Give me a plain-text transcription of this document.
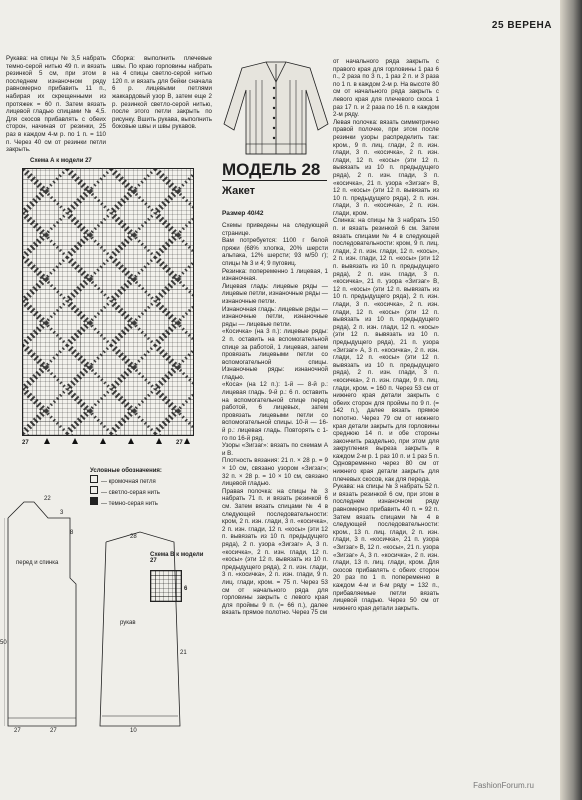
25 ВЕРЕНА

Рукава: на спицы № 3,5 набрать темно-серой нитью 49 п. и вязать резинкой 5 см, при этом в последнем изнаночном ряду равномерно прибавить 11 п., набирая их скрещенными из протяжек = 60 п. Затем вязать лицевой гладью спицами № 4,5. Для скосов прибавлять с обеих сторон, начиная от резинки, 25 раз в каждом 4-м р. по 1 п. = 110 п. Через 40 см от резинки петли закрыть.

Сборка: выполнить плечевые швы. По краю горловины набрать на 4 спицы светло-серой нитью 120 п. и вязать для бейки сначала 6 р. лицевыми петлями жаккардовый узор В, затем еще 2 р. резинкой светло-серой нитью, после этого петли закрыть по рисунку. Вшить рукава, выполнить боковые швы и швы рукавов.

Схема А к модели 27
27	27
Условные обозначения:
— кромочная петля
— светло-серая нить
— темно-серая нить
перед и спинка
рукав
27
50
22
3
8
27	10
21
28
Схема В к модели 27
6
МОДЕЛЬ 28
Жакет
Размер 40/42

Схемы приведены на следующей странице.

Вам потребуется: 1100 г белой пряжи (68% хлопка, 20% шерсти альпака, 12% шерсти; 93 м/50 г); спицы № 3 и 4; 9 пуговиц.

Резинка: попеременно 1 лицевая, 1 изнаночная.

Лицевая гладь: лицевые ряды — лицевые петли, изнаночные ряды — изнаночные петли.

Изнаночная гладь: лицевые ряды — изнаночные петли, изнаночные ряды — лицевые петли.

«Косичка» (на 3 п.): лицевые ряды: 2 п. оставить на вспомогательной спице за работой, 1 лицевая, затем провязать лицевыми петли со вспомогательной спицы. Изнаночные ряды: изнаночной гладью.

«Коса» (на 12 п.): 1-й — 8-й р.: лицевая гладь. 9-й р.: 6 п. оставить на вспомогательной спице перед работой, 6 лицевых, затем провязать лицевыми петли со вспомогательной спицы. 10-й — 16-й р.: лицевая гладь. Повторять с 1-го по 16-й ряд.

Узоры «Зигзаг»: вязать по схемам А и В.

Плотность вязания: 21 п. × 28 р. = 9 × 10 см, связано узором «Зигзаг»; 32 п. × 28 р. = 10 × 10 см, связано лицевой гладью.

Правая полочка: на спицы № 3 набрать 71 п. и вязать резинкой 6 см. Затем вязать спицами № 4 в следующей последовательности: кром, 2 п. изн. глади, 3 п. «косичка», 2 п. изн. глади, 12 п. «косы» (эти 12 п. вывязать из 10 п. предыдущего ряда), 2 п. узора «Зигзаг» А, 3 п. «косичка», 2 п. изн. глади, 12 п. «косы» (эти 12 п. вывязать из 10 п. предыдущего ряда), 2 п. изн. глади, 3 п. «косичка», 2 п. изн. глади, 9 п. лиц. глади, кром. = 75 п. Через 53 см от начального ряда для горловины закрыть с левого края для проймы 9 п. (= 66 п.), далее вязать прямое полотно. Через 75 см

от начального ряда закрыть с правого края для горловины 1 раз 6 п., 2 раза по 3 п., 1 раз 2 п. и 3 раза по 1 п. в каждом 2-м р. На высоте 80 см от начального ряда закрыть с левого края для плечевого скоса 1 раз 17 п. и 2 раза по 16 п. в каждом 2-м ряду.

Левая полочка: вязать симметрично правой полочке, при этом после резинки узоры распределить так: кром., 9 п. лиц. глади, 2 п. изн. глади, 3 п. «косичка», 2 п. изн. глади, 12 п. «косы» (эти 12 п. вывязать из 10 п. предыдущего ряда), 2 п. изн. глади, 3 п. «косичка», 21 п. узора «Зигзаг» В, 12 п. «косы» (эти 12 п. вывязать из 10 п. предыдущего ряда), 2 п. изн. глади, 3 п. «косичка», 2 п. изн. глади, кром.

Спинка: на спицы № 3 набрать 150 п. и вязать резинкой 6 см. Затем вязать спицами № 4 в следующей последовательности: кром, 9 п. лиц. глади, 2 п. изн. глади, 12 п. «косы», 2 п. изн. глади, 12 п. «косы» (эти 12 п. вывязать из 10 п. предыдущего ряда), 2 п. изн. глади, 3 п. «косичка», 21 п. узора «Зигзаг» В, 12 п. «косы» (эти 12 п. вывязать из 10 п. предыдущего ряда), 2 п. изн. глади, 3 п. «косичка», 2 п. изн. глади, 12 п. «косы» (эти 12 п. вывязать из 10 п. предыдущего ряда), 2 п. изн. глади, 12 п. «косы» (эти 12 п. вывязать из 10 п. предыдущего ряда), 21 п. узора «Зигзаг» А, 3 п. «косичка», 2 п. изн. глади, 12 п. «косы» (эти 12 п. вывязать из 10 п. предыдущего ряда), 2 п. изн. глади, 3 п. «косичка», 2 п. изн. глади, 9 п. лиц. глади, кром. = 160 п. Через 53 см от нижнего края детали закрыть с обеих сторон для проймы по 9 п. (= 142 п.), далее вязать прямое полотно. Через 79 см от нижнего края детали закрыть для горловины среднюю 14 п. и обе стороны закончить раздельно, при этом для закругления выреза закрыть в каждом 2-м р. 1 раз 10 п. и 1 раз 5 п. Одновременно через 80 см от нижнего края детали закрыть для плечевых скосов, как для переда.

Рукава: на спицы № 3 набрать 52 п. и вязать резинкой 6 см, при этом в последнем изнаночном ряду равномерно прибавить 40 п. = 92 п. Затем вязать спицами № 4 в следующей последовательности: кром., 13 п. лиц. глади, 2 п. изн. глади, 3 п. «косичка», 21 п. узора «Зигзаг» В, 12 п. «косы», 21 п. узора «Зигзаг» А, 3 п. «косичка», 2 п. изн. глади, 13 п. лиц. глади, кром. Для скосов прибавлять с обеих сторон 20 раз по 1 п. попеременно в каждом 4-м и 6-м ряду = 132 п., прибавляемые петли вязать лицевой гладью. Через 50 см от нижнего края детали закрыть.

FashionForum.ru
